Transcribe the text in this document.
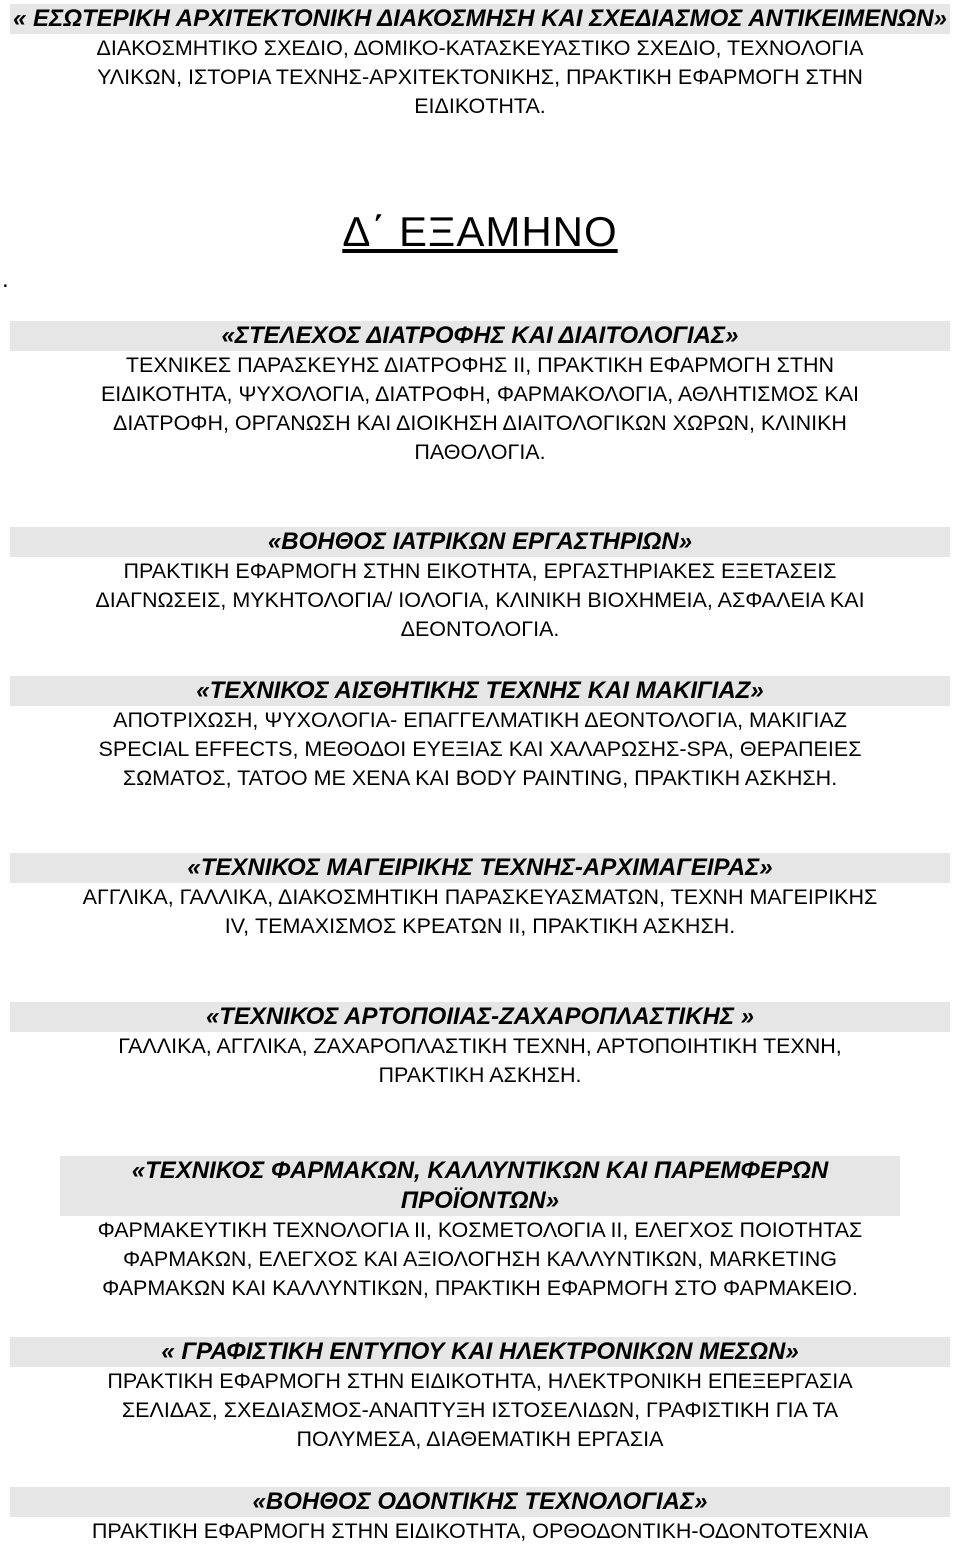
« ΕΣΩΤΕΡΙΚΗ ΑΡΧΙΤΕΚΤΟΝΙΚΗ ΔΙΑΚΟΣΜΗΣΗ ΚΑΙ ΣΧΕΔΙΑΣΜΟΣ ΑΝΤΙΚΕΙΜΕΝΩΝ»
ΔΙΑΚΟΣΜΗΤΙΚΟ ΣΧΕΔΙΟ, ΔΟΜΙΚΟ-ΚΑΤΑΣΚΕΥΑΣΤΙΚΟ ΣΧΕΔΙΟ, ΤΕΧΝΟΛΟΓΙΑ
ΥΛΙΚΩΝ, ΙΣΤΟΡΙΑ ΤΕΧΝΗΣ-ΑΡΧΙΤΕΚΤΟΝΙΚΗΣ, ΠΡΑΚΤΙΚΗ ΕΦΑΡΜΟΓΗ ΣΤΗΝ
ΕΙΔΙΚΟΤΗΤΑ.
.
Δ΄ ΕΞΑΜΗΝΟ
«ΣΤΕΛΕΧΟΣ ΔΙΑΤΡΟΦΗΣ ΚΑΙ ΔΙΑΙΤΟΛΟΓΙΑΣ»
ΤΕΧΝΙΚΕΣ ΠΑΡΑΣΚΕΥΗΣ ΔΙΑΤΡΟΦΗΣ ΙΙ, ΠΡΑΚΤΙΚΗ ΕΦΑΡΜΟΓΗ ΣΤΗΝ
ΕΙΔΙΚΟΤΗΤΑ, ΨΥΧΟΛΟΓΙΑ, ΔΙΑΤΡΟΦΗ, ΦΑΡΜΑΚΟΛΟΓΙΑ, ΑΘΛΗΤΙΣΜΟΣ ΚΑΙ
ΔΙΑΤΡΟΦΗ, ΟΡΓΑΝΩΣΗ ΚΑΙ ΔΙΟΙΚΗΣΗ ΔΙΑΙΤΟΛΟΓΙΚΩΝ ΧΩΡΩΝ, ΚΛΙΝΙΚΗ
ΠΑΘΟΛΟΓΙΑ.
«ΒΟΗΘΟΣ ΙΑΤΡΙΚΩΝ ΕΡΓΑΣΤΗΡΙΩΝ»
ΠΡΑΚΤΙΚΗ ΕΦΑΡΜΟΓΗ ΣΤΗΝ ΕΙΚΟΤΗΤΑ, ΕΡΓΑΣΤΗΡΙΑΚΕΣ ΕΞΕΤΑΣΕΙΣ
ΔΙΑΓΝΩΣΕΙΣ, ΜΥΚΗΤΟΛΟΓΙΑ/ ΙΟΛΟΓΙΑ, ΚΛΙΝΙΚΗ ΒΙΟΧΗΜΕΙΑ, ΑΣΦΑΛΕΙΑ ΚΑΙ
ΔΕΟΝΤΟΛΟΓΙΑ.
«ΤΕΧΝΙΚΟΣ ΑΙΣΘΗΤΙΚΗΣ ΤΕΧΝΗΣ ΚΑΙ ΜΑΚΙΓΙΑΖ»
ΑΠΟΤΡΙΧΩΣΗ, ΨΥΧΟΛΟΓΙΑ- ΕΠΑΓΓΕΛΜΑΤΙΚΗ ΔΕΟΝΤΟΛΟΓΙΑ, ΜΑΚΙΓΙΑΖ
SPECIAL EFFECTS, ΜΕΘΟΔΟΙ ΕΥΕΞΙΑΣ ΚΑΙ ΧΑΛΑΡΩΣΗΣ-SPA, ΘΕΡΑΠΕΙΕΣ
ΣΩΜΑΤΟΣ, ΤΑΤΟΟ ΜΕ ΧΕΝΑ ΚΑΙ BODY PAINTING, ΠΡΑΚΤΙΚΗ ΑΣΚΗΣΗ.
«ΤΕΧΝΙΚΟΣ ΜΑΓΕΙΡΙΚΗΣ ΤΕΧΝΗΣ-ΑΡΧΙΜΑΓΕΙΡΑΣ»
ΑΓΓΛΙΚΑ, ΓΑΛΛΙΚΑ, ΔΙΑΚΟΣΜΗΤΙΚΗ ΠΑΡΑΣΚΕΥΑΣΜΑΤΩΝ, ΤΕΧΝΗ ΜΑΓΕΙΡΙΚΗΣ
IV, ΤΕΜΑΧΙΣΜΟΣ ΚΡΕΑΤΩΝ ΙΙ, ΠΡΑΚΤΙΚΗ ΑΣΚΗΣΗ.
«ΤΕΧΝΙΚΟΣ ΑΡΤΟΠΟΙΙΑΣ-ΖΑΧΑΡΟΠΛΑΣΤΙΚΗΣ »
ΓΑΛΛΙΚΑ, ΑΓΓΛΙΚΑ, ΖΑΧΑΡΟΠΛΑΣΤΙΚΗ ΤΕΧΝΗ, ΑΡΤΟΠΟΙΗΤΙΚΗ ΤΕΧΝΗ,
ΠΡΑΚΤΙΚΗ ΑΣΚΗΣΗ.
«ΤΕΧΝΙΚΟΣ ΦΑΡΜΑΚΩΝ, ΚΑΛΛΥΝΤΙΚΩΝ ΚΑΙ ΠΑΡΕΜΦΕΡΩΝ ΠΡΟΪΟΝΤΩΝ»
ΦΑΡΜΑΚΕΥΤΙΚΗ ΤΕΧΝΟΛΟΓΙΑ ΙΙ, ΚΟΣΜΕΤΟΛΟΓΙΑ ΙΙ, ΕΛΕΓΧΟΣ ΠΟΙΟΤΗΤΑΣ
ΦΑΡΜΑΚΩΝ, ΕΛΕΓΧΟΣ ΚΑΙ ΑΞΙΟΛΟΓΗΣΗ ΚΑΛΛΥΝΤΙΚΩΝ, MARKETING
ΦΑΡΜΑΚΩΝ ΚΑΙ ΚΑΛΛΥΝΤΙΚΩΝ, ΠΡΑΚΤΙΚΗ ΕΦΑΡΜΟΓΗ ΣΤΟ ΦΑΡΜΑΚΕΙΟ.
« ΓΡΑΦΙΣΤΙΚΗ ΕΝΤΥΠΟΥ ΚΑΙ ΗΛΕΚΤΡΟΝΙΚΩΝ ΜΕΣΩΝ»
ΠΡΑΚΤΙΚΗ ΕΦΑΡΜΟΓΗ ΣΤΗΝ ΕΙΔΙΚΟΤΗΤΑ, ΗΛΕΚΤΡΟΝΙΚΗ ΕΠΕΞΕΡΓΑΣΙΑ
ΣΕΛΙΔΑΣ, ΣΧΕΔΙΑΣΜΟΣ-ΑΝΑΠΤΥΞΗ ΙΣΤΟΣΕΛΙΔΩΝ, ΓΡΑΦΙΣΤΙΚΗ ΓΙΑ ΤΑ
ΠΟΛΥΜΕΣΑ, ΔΙΑΘΕΜΑΤΙΚΗ ΕΡΓΑΣΙΑ
«ΒΟΗΘΟΣ ΟΔΟΝΤΙΚΗΣ ΤΕΧΝΟΛΟΓΙΑΣ»
ΠΡΑΚΤΙΚΗ ΕΦΑΡΜΟΓΗ ΣΤΗΝ ΕΙΔΙΚΟΤΗΤΑ, ΟΡΘΟΔΟΝΤΙΚΗ-ΟΔΟΝΤΟΤΕΧΝΙΑ
